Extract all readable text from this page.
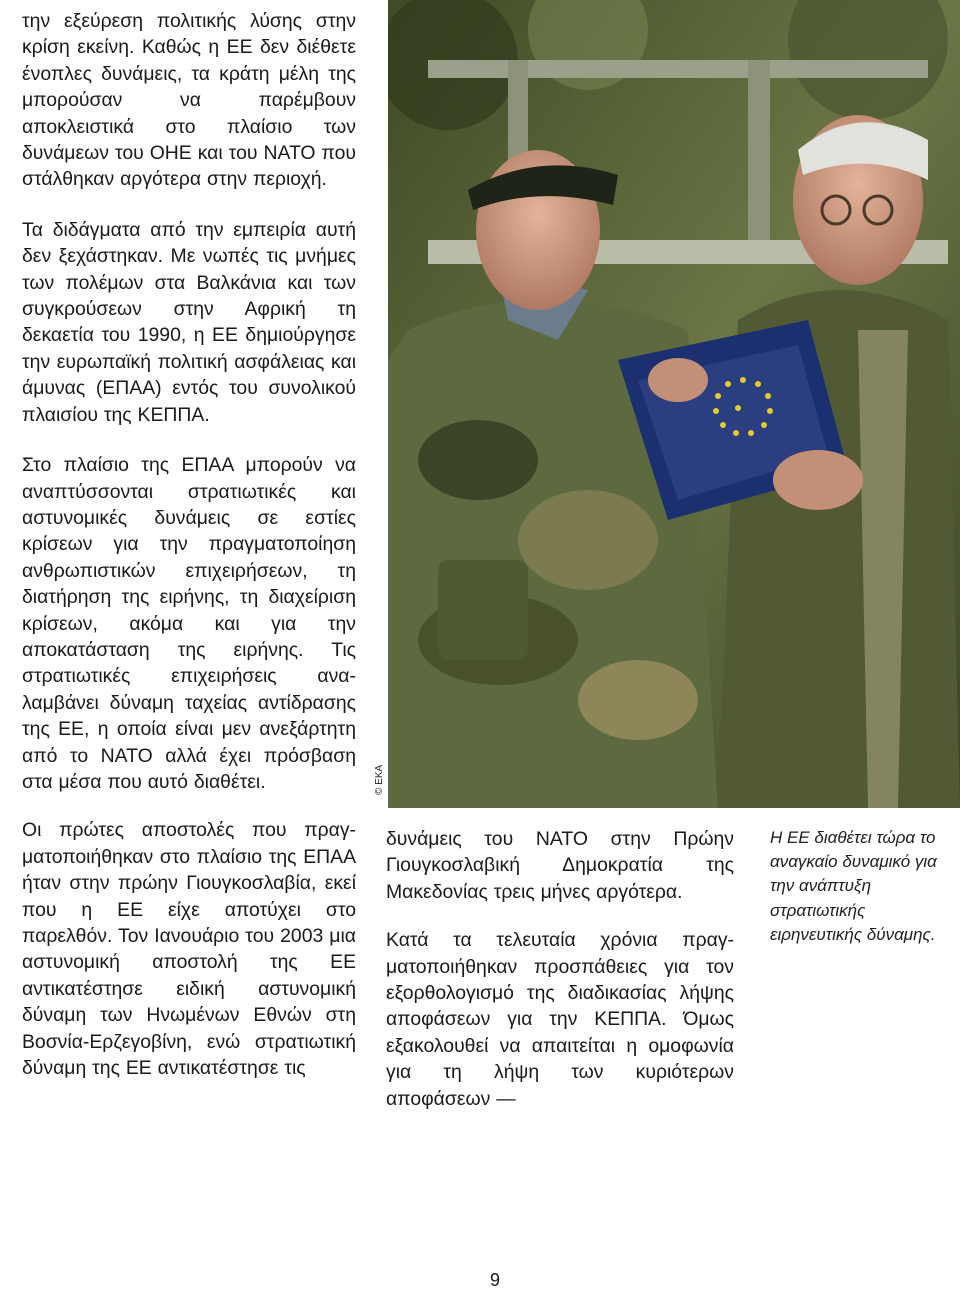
την εξεύρεση πολιτικής λύσης στην κρίση εκείνη. Καθώς η ΕΕ δεν διέθετε ένοπλες δυνάμεις, τα κράτη μέλη της μπορούσαν να παρέμβουν αποκλειστικά στο πλαίσιο των δυνάμεων του ΟΗΕ και του ΝΑΤΟ που στάλθηκαν αργότερα στην περιοχή.

Τα διδάγματα από την εμπειρία αυτή δεν ξεχάστηκαν. Με νωπές τις μνήμες των πολέμων στα Βαλκάνια και των συγκρούσεων στην Αφρική τη δεκαετία του 1990, η ΕΕ δημιούργησε την ευρωπαϊκή πολιτική ασφάλειας και άμυνας (ΕΠΑΑ) εντός του συνολικού πλαισίου της ΚΕΠΠΑ.

Στο πλαίσιο της ΕΠΑΑ μπορούν να αναπτύσσονται στρατιωτικές και αστυνομικές δυνάμεις σε εστίες κρίσεων για την πραγματοποίηση ανθρωπιστικών επιχειρήσεων, τη διατήρηση της ειρήνης, τη διαχείριση κρίσεων, ακόμα και για την αποκατάσταση της ειρήνης. Τις στρατιωτικές επιχειρήσεις αναλαμβάνει δύναμη ταχείας αντίδρασης της ΕΕ, η οποία είναι μεν ανεξάρτητη από το ΝΑΤΟ αλλά έχει πρόσβαση στα μέσα που αυτό διαθέτει.

Οι πρώτες αποστολές που πραγματοποιήθηκαν στο πλαίσιο της ΕΠΑΑ ήταν στην πρώην Γιουγκοσλαβία, εκεί που η ΕΕ είχε αποτύχει στο παρελθόν. Τον Ιανουάριο του 2003 μια αστυνομική αποστολή της ΕΕ αντικατέστησε ειδική αστυνομική δύναμη των Ηνωμένων Εθνών στη Βοσνία-Ερζεγοβίνη, ενώ στρατιωτική δύναμη της ΕΕ αντικατέστησε τις

© ΕΚΑ

δυνάμεις του ΝΑΤΟ στην Πρώην Γιουγκοσλαβική Δημοκρατία της Μακεδονίας τρεις μήνες αργότερα.

Κατά τα τελευταία χρόνια πραγματοποιήθηκαν προσπάθειες για τον εξορθολογισμό της διαδικασίας λήψης αποφάσεων για την ΚΕΠΠΑ. Όμως εξακολουθεί να απαιτείται η ομοφωνία για τη λήψη των κυριότερων αποφάσεων —

Η ΕΕ διαθέτει τώρα το αναγκαίο δυναμικό για την ανάπτυξη στρατιωτικής ειρηνευτικής δύναμης.

9
